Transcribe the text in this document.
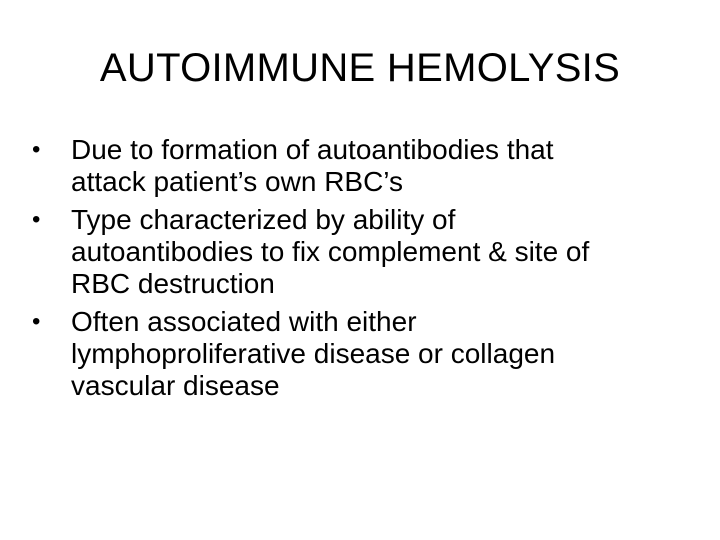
AUTOIMMUNE HEMOLYSIS
•	Due to formation of autoantibodies that
attack patient’s own RBC’s
•	Type characterized by ability of
autoantibodies to fix complement & site of
RBC destruction
•	Often associated with either
lymphoproliferative disease or collagen
vascular disease
